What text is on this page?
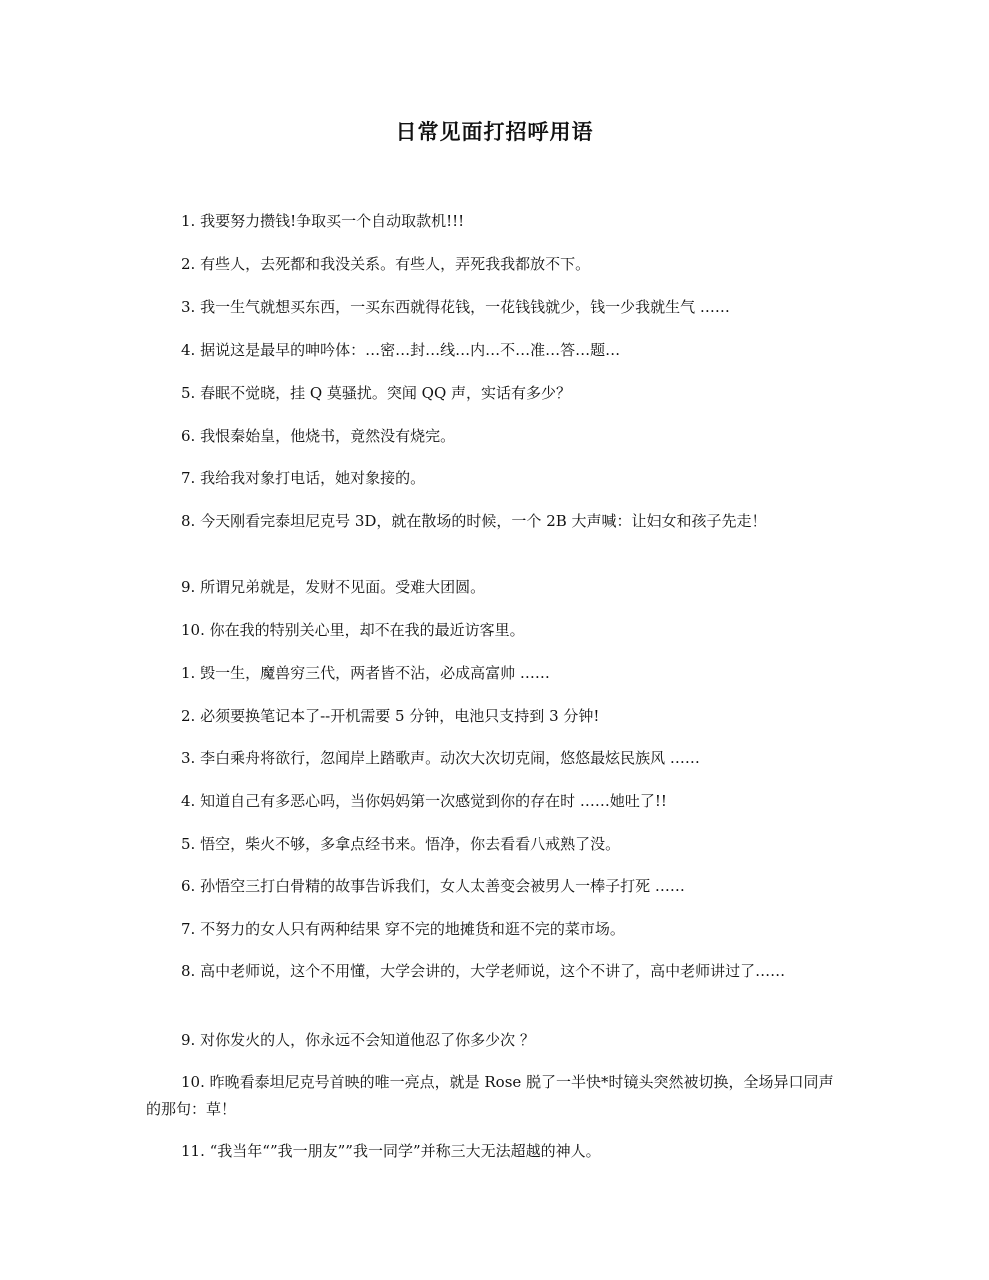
日常见面打招呼用语
1. 我要努力攒钱!争取买一个自动取款机!!!
2. 有些人，去死都和我没关系。有些人，弄死我我都放不下。
3. 我一生气就想买东西，一买东西就得花钱，一花钱钱就少，钱一少我就生气 ……
4. 据说这是最早的呻吟体：…密…封…线…内…不…准…答…题…
5. 春眠不觉晓，挂 Q 莫骚扰。突闻 QQ 声，实话有多少？
6. 我恨秦始皇，他烧书，竟然没有烧完。
7. 我给我对象打电话，她对象接的。
8. 今天刚看完泰坦尼克号 3D，就在散场的时候，一个 2B 大声喊：让妇女和孩子先走！
9. 所谓兄弟就是，发财不见面。受难大团圆。
10. 你在我的特别关心里，却不在我的最近访客里。
1. 毁一生，魔兽穷三代，两者皆不沾，必成高富帅 ……
2. 必须要换笔记本了--开机需要 5 分钟，电池只支持到 3 分钟!
3. 李白乘舟将欲行，忽闻岸上踏歌声。动次大次切克闹，悠悠最炫民族风 ……
4. 知道自己有多恶心吗，当你妈妈第一次感觉到你的存在时 ……她吐了!!
5. 悟空，柴火不够，多拿点经书来。悟净，你去看看八戒熟了没。
6. 孙悟空三打白骨精的故事告诉我们，女人太善变会被男人一棒子打死 ……
7. 不努力的女人只有两种结果 穿不完的地摊货和逛不完的菜市场。
8. 高中老师说，这个不用懂，大学会讲的，大学老师说，这个不讲了，高中老师讲过了……
9. 对你发火的人，你永远不会知道他忍了你多少次 ？
10. 昨晚看泰坦尼克号首映的唯一亮点，就是 Rose 脱了一半快*时镜头突然被切换，全场异口同声的那句：草！
11. “我当年“”我一朋友””我一同学”并称三大无法超越的神人。
